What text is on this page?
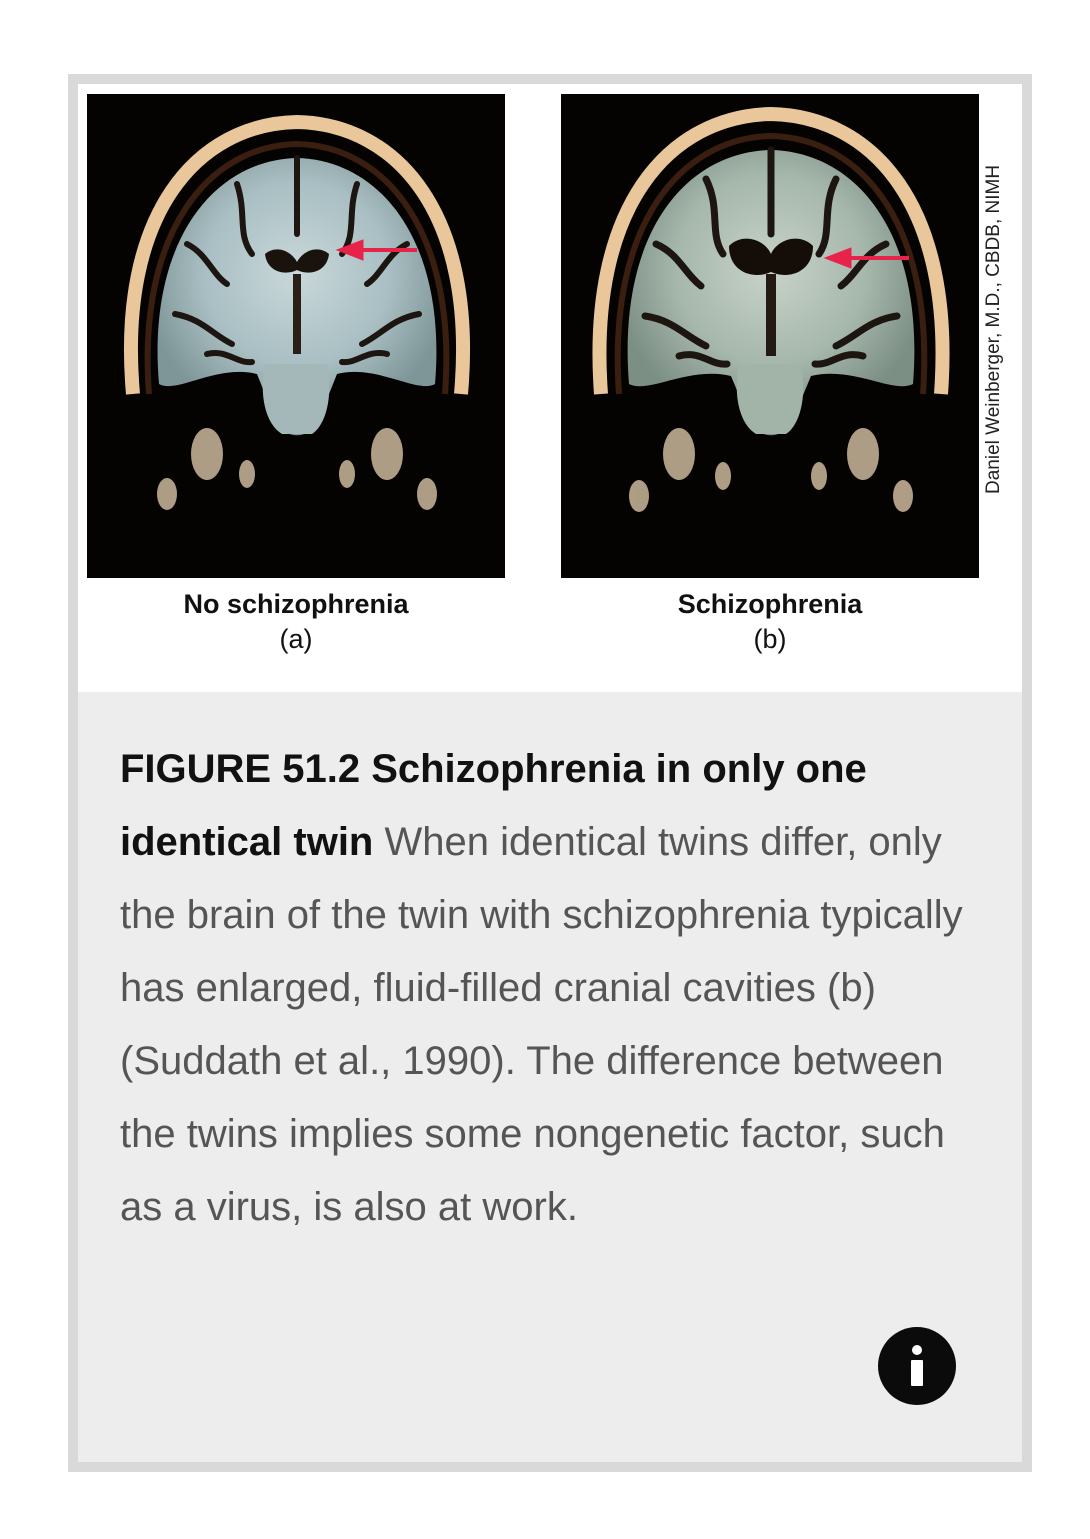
No schizophrenia
(a)
Schizophrenia
(b)
Daniel Weinberger, M.D., CBDB, NIMH
FIGURE 51.2 Schizophrenia in only one identical twin When identical twins differ, only the brain of the twin with schizophrenia typically has enlarged, fluid-filled cranial cavities (b) (Suddath et al., 1990). The difference between the twins implies some nongenetic factor, such as a virus, is also at work.
